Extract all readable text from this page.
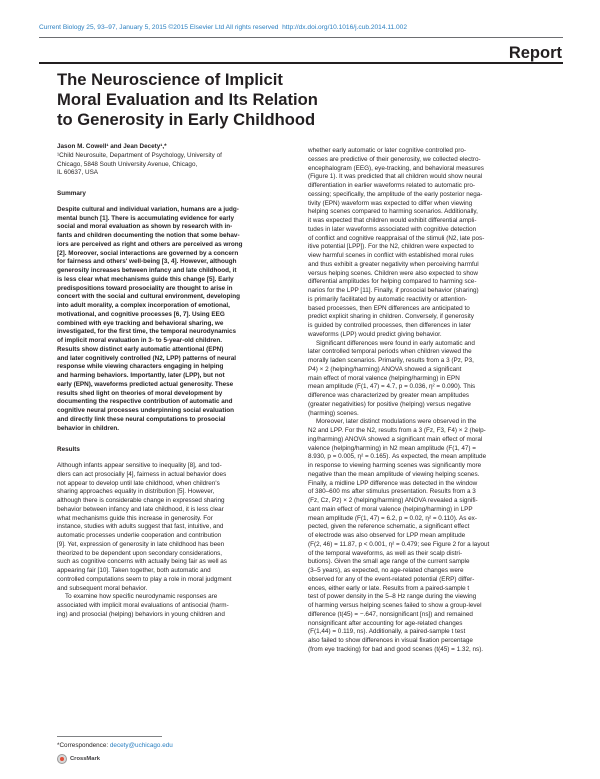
Current Biology 25, 93–97, January 5, 2015 ©2015 Elsevier Ltd All rights reserved http://dx.doi.org/10.1016/j.cub.2014.11.002
Report
The Neuroscience of Implicit
Moral Evaluation and Its Relation
to Generosity in Early Childhood
Jason M. Cowell¹ and Jean Decety¹,*
¹Child Neurosuite, Department of Psychology, University of
Chicago, 5848 South University Avenue, Chicago,
IL 60637, USA
Summary
Despite cultural and individual variation, humans are a judg-
mental bunch [1]. There is accumulating evidence for early
social and moral evaluation as shown by research with in-
fants and children documenting the notion that some behav-
iors are perceived as right and others are perceived as wrong
[2]. Moreover, social interactions are governed by a concern
for fairness and others' well-being [3, 4]. However, although
generosity increases between infancy and late childhood, it
is less clear what mechanisms guide this change [5]. Early
predispositions toward prosociality are thought to arise in
concert with the social and cultural environment, developing
into adult morality, a complex incorporation of emotional,
motivational, and cognitive processes [6, 7]. Using EEG
combined with eye tracking and behavioral sharing, we
investigated, for the first time, the temporal neurodynamics
of implicit moral evaluation in 3- to 5-year-old children.
Results show distinct early automatic attentional (EPN)
and later cognitively controlled (N2, LPP) patterns of neural
response while viewing characters engaging in helping
and harming behaviors. Importantly, later (LPP), but not
early (EPN), waveforms predicted actual generosity. These
results shed light on theories of moral development by
documenting the respective contribution of automatic and
cognitive neural processes underpinning social evaluation
and directly link these neural computations to prosocial
behavior in children.
Results
Although infants appear sensitive to inequality [8], and tod-
dlers can act prosocially [4], fairness in actual behavior does
not appear to develop until late childhood, when children's
sharing approaches equality in distribution [5]. However,
although there is considerable change in expressed sharing
behavior between infancy and late childhood, it is less clear
what mechanisms guide this increase in generosity. For
instance, studies with adults suggest that fast, intuitive, and
automatic processes underlie cooperation and contribution
[9]. Yet, expression of generosity in late childhood has been
theorized to be dependent upon secondary considerations,
such as cognitive concerns with actually being fair as well as
appearing fair [10]. Taken together, both automatic and
controlled computations seem to play a role in moral judgment
and subsequent moral behavior.
To examine how specific neurodynamic responses are
associated with implicit moral evaluations of antisocial (harm-
ing) and prosocial (helping) behaviors in young children and
whether early automatic or later cognitive controlled pro-
cesses are predictive of their generosity, we collected electro-
encephalogram (EEG), eye-tracking, and behavioral measures
(Figure 1). It was predicted that all children would show neural
differentiation in earlier waveforms related to automatic pro-
cessing; specifically, the amplitude of the early posterior nega-
tivity (EPN) waveform was expected to differ when viewing
helping scenes compared to harming scenarios. Additionally,
it was expected that children would exhibit differential ampli-
tudes in later waveforms associated with cognitive detection
of conflict and cognitive reappraisal of the stimuli (N2, late pos-
itive potential [LPP]). For the N2, children were expected to
view harmful scenes in conflict with established moral rules
and thus exhibit a greater negativity when perceiving harmful
versus helping scenes. Children were also expected to show
differential amplitudes for helping compared to harming sce-
narios for the LPP [11]. Finally, if prosocial behavior (sharing)
is primarily facilitated by automatic reactivity or attention-
based processes, then EPN differences are anticipated to
predict explicit sharing in children. Conversely, if generosity
is guided by controlled processes, then differences in later
waveforms (LPP) would predict giving behavior.
Significant differences were found in early automatic and
later controlled temporal periods when children viewed the
morally laden scenarios. Primarily, results from a 3 (Pz, P3,
P4) × 2 (helping/harming) ANOVA showed a significant
main effect of moral valence (helping/harming) in EPN
mean amplitude (F(1, 47) = 4.7, p = 0.036, η² = 0.090). This
difference was characterized by greater mean amplitudes
(greater negativities) for positive (helping) versus negative
(harming) scenes.
Moreover, later distinct modulations were observed in the
N2 and LPP. For the N2, results from a 3 (Fz, F3, F4) × 2 (help-
ing/harming) ANOVA showed a significant main effect of moral
valence (helping/harming) in N2 mean amplitude (F(1, 47) =
8.930, p = 0.005, η² = 0.165). As expected, the mean amplitude
in response to viewing harming scenes was significantly more
negative than the mean amplitude of viewing helping scenes.
Finally, a midline LPP difference was detected in the window
of 380–600 ms after stimulus presentation. Results from a 3
(Fz, Cz, Pz) × 2 (helping/harming) ANOVA revealed a signifi-
cant main effect of moral valence (helping/harming) in LPP
mean amplitude (F(1, 47) = 6.2, p = 0.02, η² = 0.110). As ex-
pected, given the reference schematic, a significant effect
of electrode was also observed for LPP mean amplitude
(F(2, 46) = 11.87, p < 0.001, η² = 0.479; see Figure 2 for a layout
of the temporal waveforms, as well as their scalp distri-
butions). Given the small age range of the current sample
(3–5 years), as expected, no age-related changes were
observed for any of the event-related potential (ERP) differ-
ences, either early or late. Results from a paired-sample t
test of power density in the 5–8 Hz range during the viewing
of harming versus helping scenes failed to show a group-level
difference (t(45) = −.647, nonsignificant [ns]) and remained
nonsignificant after accounting for age-related changes
(F(1,44) = 0.119, ns). Additionally, a paired-sample t test
also failed to show differences in visual fixation percentage
(from eye tracking) for bad and good scenes (t(45) = 1.32, ns).
*Correspondence: decety@uchicago.edu
CrossMark
